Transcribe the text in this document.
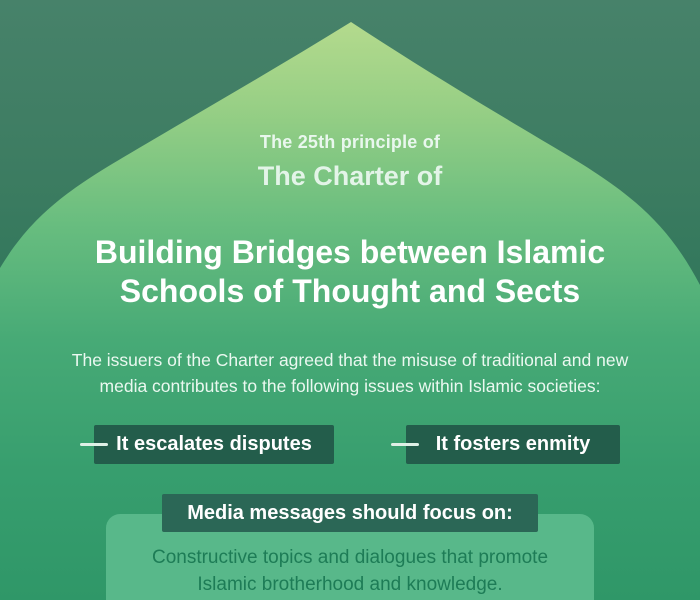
The 25th principle of
The Charter of
Building Bridges between Islamic
Schools of Thought and Sects
The issuers of the Charter agreed that the misuse of traditional and new
media contributes to the following issues within Islamic societies:
It escalates disputes	It fosters enmity
Media messages should focus on:
Constructive topics and dialogues that promote
Islamic brotherhood and knowledge.
